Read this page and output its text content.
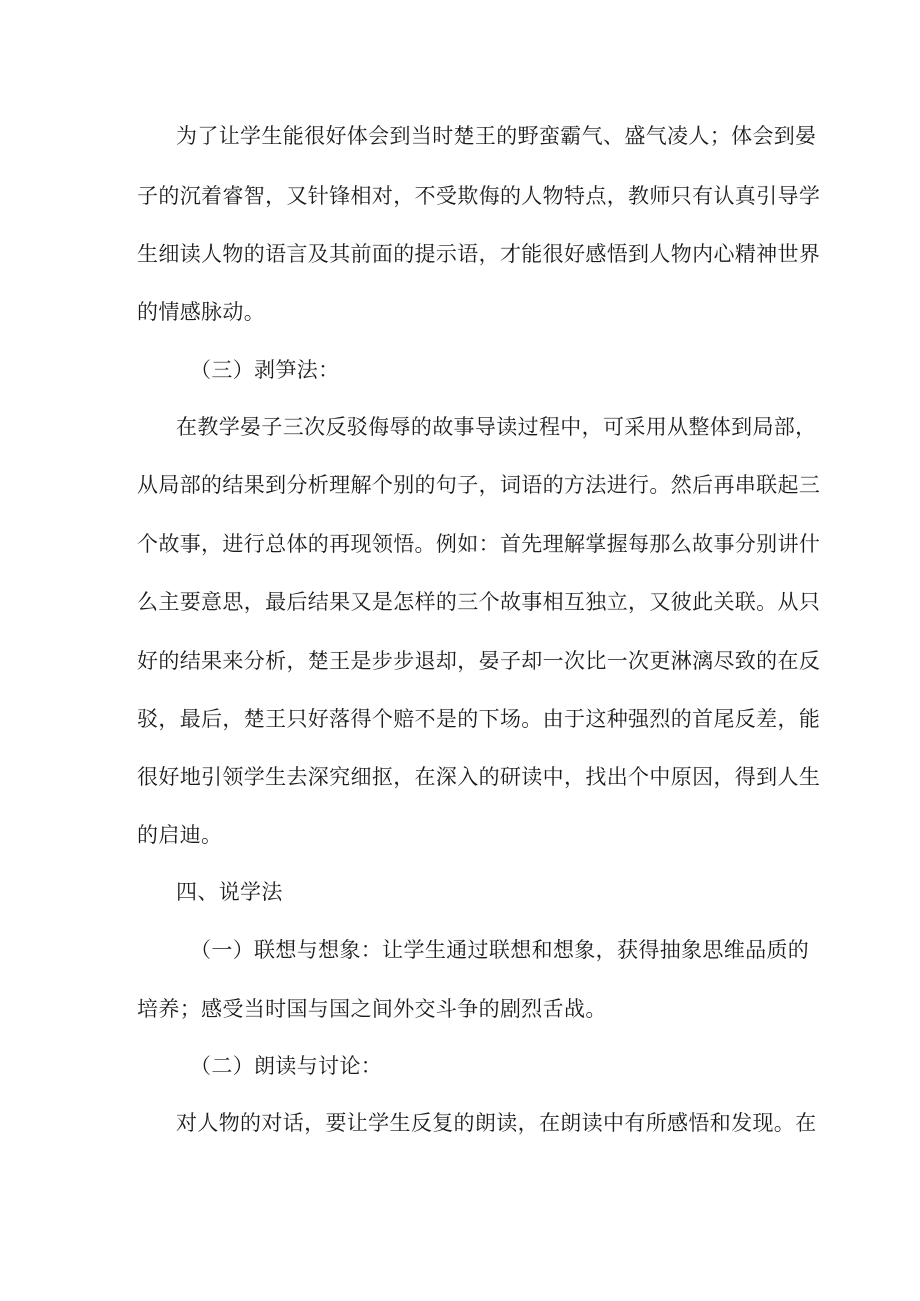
为了让学生能很好体会到当时楚王的野蛮霸气、盛气凌人；体会到晏
子的沉着睿智，又针锋相对，不受欺侮的人物特点，教师只有认真引导学
生细读人物的语言及其前面的提示语，才能很好感悟到人物内心精神世界
的情感脉动。
（三）剥笋法：
在教学晏子三次反驳侮辱的故事导读过程中，可采用从整体到局部，
从局部的结果到分析理解个别的句子，词语的方法进行。然后再串联起三
个故事，进行总体的再现领悟。例如：首先理解掌握每那么故事分别讲什
么主要意思，最后结果又是怎样的三个故事相互独立，又彼此关联。从只
好的结果来分析，楚王是步步退却，晏子却一次比一次更淋漓尽致的在反
驳，最后，楚王只好落得个赔不是的下场。由于这种强烈的首尾反差，能
很好地引领学生去深究细抠，在深入的研读中，找出个中原因，得到人生
的启迪。
四、说学法
（一）联想与想象：让学生通过联想和想象，获得抽象思维品质的
培养；感受当时国与国之间外交斗争的剧烈舌战。
（二）朗读与讨论：
对人物的对话，要让学生反复的朗读，在朗读中有所感悟和发现。在
